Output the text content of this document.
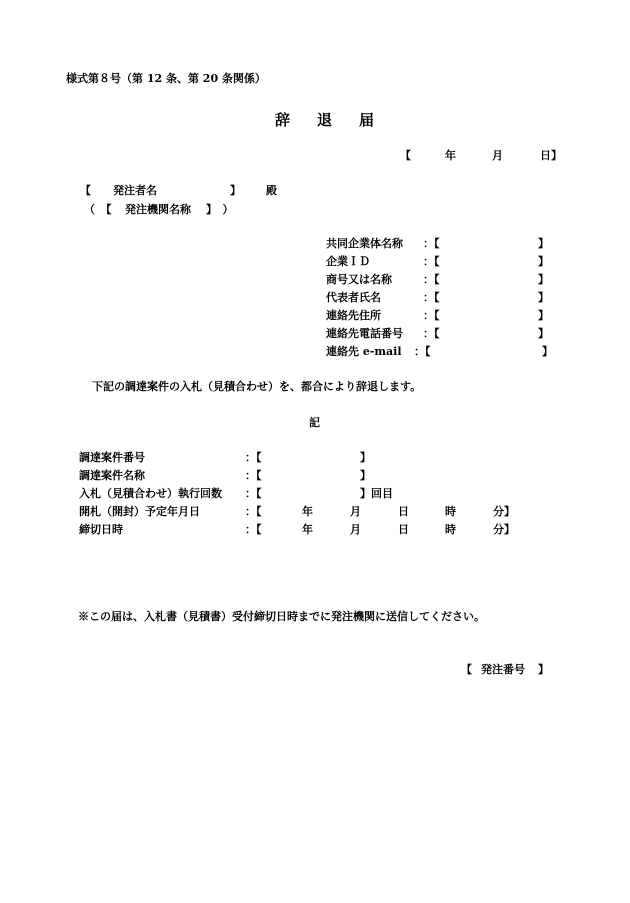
様式第８号（第 12 条、第 20 条関係）
辞　退　届
【	年	月	日】
【 発注者名	】 殿
（　【 発注機関名称 】　）
共同企業体名称 ：【	】
企業ＩＤ	：【	】
商号又は名称	：【	】
代表者氏名	：【	】
連絡先住所	：【	】
連絡先電話番号 ：【	】
連絡先 e-mail ：【	】
下記の調達案件の入札（見積合わせ）を、都合により辞退します。
記
調達案件番号	：【	】
調達案件名称	：【	】
入札（見積合わせ）執行回数 ：【	】回目
開札（開封）予定年月日	：【	年	月	日	時	分】
締切日時	：【	年	月	日	時	分】
※この届は、入札書（見積書）受付締切日時までに発注機関に送信してください。
【 発注番号 】
